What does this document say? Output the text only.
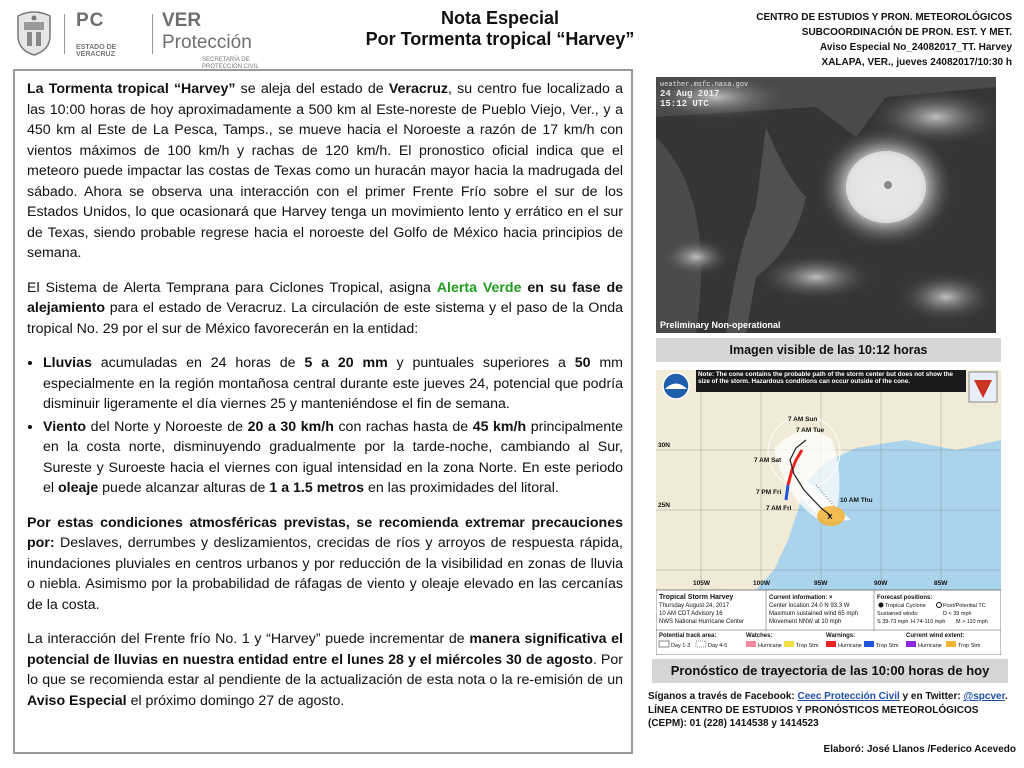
PC
ESTADO DE VERACRUZ
VER Protección
SECRETARÍA DE
PROTECCIÓN CIVIL
Nota Especial
Por Tormenta tropical “Harvey”
CENTRO DE ESTUDIOS Y PRON. METEOROLÓGICOS
SUBCOORDINACIÓN DE PRON. EST. Y MET.
Aviso Especial No_24082017_TT. Harvey
XALAPA, VER., jueves 24082017/10:30 h

La Tormenta tropical “Harvey” se aleja del estado de Veracruz, su centro fue localizado a las 10:00 horas de hoy aproximadamente a 500 km al Este-noreste de Pueblo Viejo, Ver., y a 450 km al Este de La Pesca, Tamps., se mueve hacia el Noroeste a razón de 17 km/h con vientos máximos de 100 km/h y rachas de 120 km/h. El pronostico oficial indica que el meteoro puede impactar las costas de Texas como un huracán mayor hacia la madrugada del sábado. Ahora se observa una interacción con el primer Frente Frío sobre el sur de los Estados Unidos, lo que ocasionará que Harvey tenga un movimiento lento y errático en el sur de Texas, siendo probable regrese hacia el noroeste del Golfo de México hacia principios de semana.

El Sistema de Alerta Temprana para Ciclones Tropical, asigna Alerta Verde en su fase de alejamiento para el estado de Veracruz. La circulación de este sistema y el paso de la Onda tropical No. 29 por el sur de México favorecerán en la entidad:

• Lluvias acumuladas en 24 horas de 5 a 20 mm y puntuales superiores a 50 mm especialmente en la región montañosa central durante este jueves 24, potencial que podría disminuir ligeramente el día viernes 25 y manteniéndose el fin de semana.
• Viento del Norte y Noroeste de 20 a 30 km/h con rachas hasta de 45 km/h principalmente en la costa norte, disminuyendo gradualmente por la tarde-noche, cambiando al Sur, Sureste y Suroeste hacia el viernes con igual intensidad en la zona Norte. En este periodo el oleaje puede alcanzar alturas de 1 a 1.5 metros en las proximidades del litoral.

Por estas condiciones atmosféricas previstas, se recomienda extremar precauciones por: Deslaves, derrumbes y deslizamientos, crecidas de ríos y arroyos de respuesta rápida, inundaciones pluviales en centros urbanos y por reducción de la visibilidad en zonas de lluvia o niebla. Asimismo por la probabilidad de ráfagas de viento y oleaje elevado en las cercanías de la costa.

La interacción del Frente frío No. 1 y “Harvey” puede incrementar de manera significativa el potencial de lluvias en nuestra entidad entre el lunes 28 y el miércoles 30 de agosto. Por lo que se recomienda estar al pendiente de la actualización de esta nota o la re-emisión de un Aviso Especial el próximo domingo 27 de agosto.

weather.msfc.nasa.gov
24 Aug 2017
15:12 UTC
Preliminary Non-operational
Imagen visible de las 10:12 horas
Note: The cone contains the probable path of the storm center but does not show the size of the storm. Hazardous conditions can occur outside of the cone.
×
7 AM Sun
7 AM Tue
7 AM Sat
7 PM Fri
7 AM Fri
10 AM Thu
30N
25N
105W	100W	95W	90W	85W
Tropical Storm Harvey
Thursday August 24, 2017
10 AM CDT Advisory 16
NWS National Hurricane Center
Current information: ×
Center location 24.0 N 93.3 W
Maximum sustained wind 65 mph
Movement NNW at 10 mph
Forecast positions:
Tropical Cyclone	Post/Potential TC
Sustained winds:	D < 39 mph
S 39-73 mph H 74-110 mph M > 110 mph
Potential track area:	Watches:	Warnings:	Current wind extent:
Day 1-3	Day 4-5	Hurricane	Trop Stm	Hurricane	Trop Stm	Hurricane	Trop Stm
Pronóstico de trayectoria de las 10:00 horas de hoy
Síganos a través de Facebook: Ceec Protección Civil y en Twitter: @spcver.
LÍNEA CENTRO DE ESTUDIOS Y PRONÓSTICOS METEOROLÓGICOS (CEPM): 01 (228) 1414538 y 1414523
Elaboró: José Llanos /Federico Acevedo
